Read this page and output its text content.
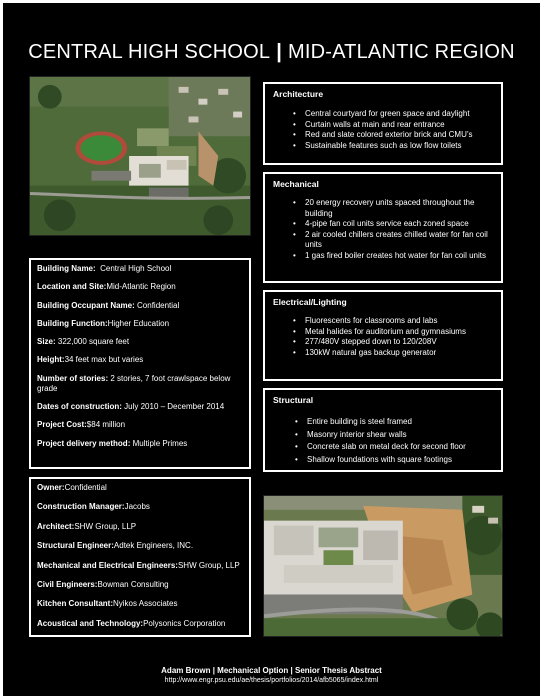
CENTRAL HIGH SCHOOL | MID-ATLANTIC REGION
Architecture
• Central courtyard for green space and daylight
• Curtain walls at main and rear entrance
• Red and slate colored exterior brick and CMU’s
• Sustainable features such as low flow toilets
Mechanical
• 20 energy recovery units spaced throughout the building
• 4-pipe fan coil units service each zoned space
• 2 air cooled chillers creates chilled water for fan coil units
• 1 gas fired boiler creates hot water for fan coil units
Electrical/Lighting
• Fluorescents for classrooms and labs
• Metal halides for auditorium and gymnasiums
• 277/480V stepped down to 120/208V
• 130kW natural gas backup generator
Structural
• Entire building is steel framed
• Masonry interior shear walls
• Concrete slab on metal deck for second floor
• Shallow foundations with square footings
Building Name: Central High School
Location and Site:Mid-Atlantic Region
Building Occupant Name: Confidential
Building Function:Higher Education
Size: 322,000 square feet
Height:34 feet max but varies
Number of stories: 2 stories, 7 foot crawlspace below grade
Dates of construction: July 2010 – December 2014
Project Cost:$84 million
Project delivery method: Multiple Primes
Owner:Confidential
Construction Manager:Jacobs
Architect:SHW Group, LLP
Structural Engineer:Adtek Engineers, INC.
Mechanical and Electrical Engineers:SHW Group, LLP
Civil Engineers:Bowman Consulting
Kitchen Consultant:Nyikos Associates
Acoustical and Technology:Polysonics Corporation
Adam Brown | Mechanical Option | Senior Thesis Abstract
http://www.engr.psu.edu/ae/thesis/portfolios/2014/afb5065/index.html
